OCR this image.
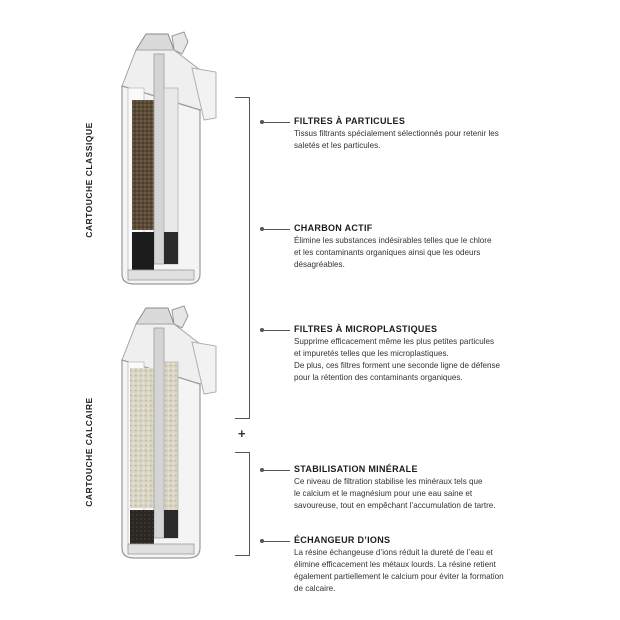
CARTOUCHE CLASSIQUE
CARTOUCHE CALCAIRE	+
FILTRES À PARTICULES

Tissus filtrants spécialement sélectionnés pour retenir les
saletés et les particules.

CHARBON ACTIF

Élimine les substances indésirables telles que le chlore
et les contaminants organiques ainsi que les odeurs
désagréables.

FILTRES À MICROPLASTIQUES

Supprime efficacement même les plus petites particules
et impuretés telles que les microplastiques.
De plus, ces filtres forment une seconde ligne de défense
pour la rétention des contaminants organiques.

STABILISATION MINÉRALE

Ce niveau de filtration stabilise les minéraux tels que
le calcium et le magnésium pour une eau saine et
savoureuse, tout en empêchant l’accumulation de tartre.

ÉCHANGEUR D’IONS

La résine échangeuse d’ions réduit la dureté de l’eau et
élimine efficacement les métaux lourds. La résine retient
également partiellement le calcium pour éviter la formation
de calcaire.
